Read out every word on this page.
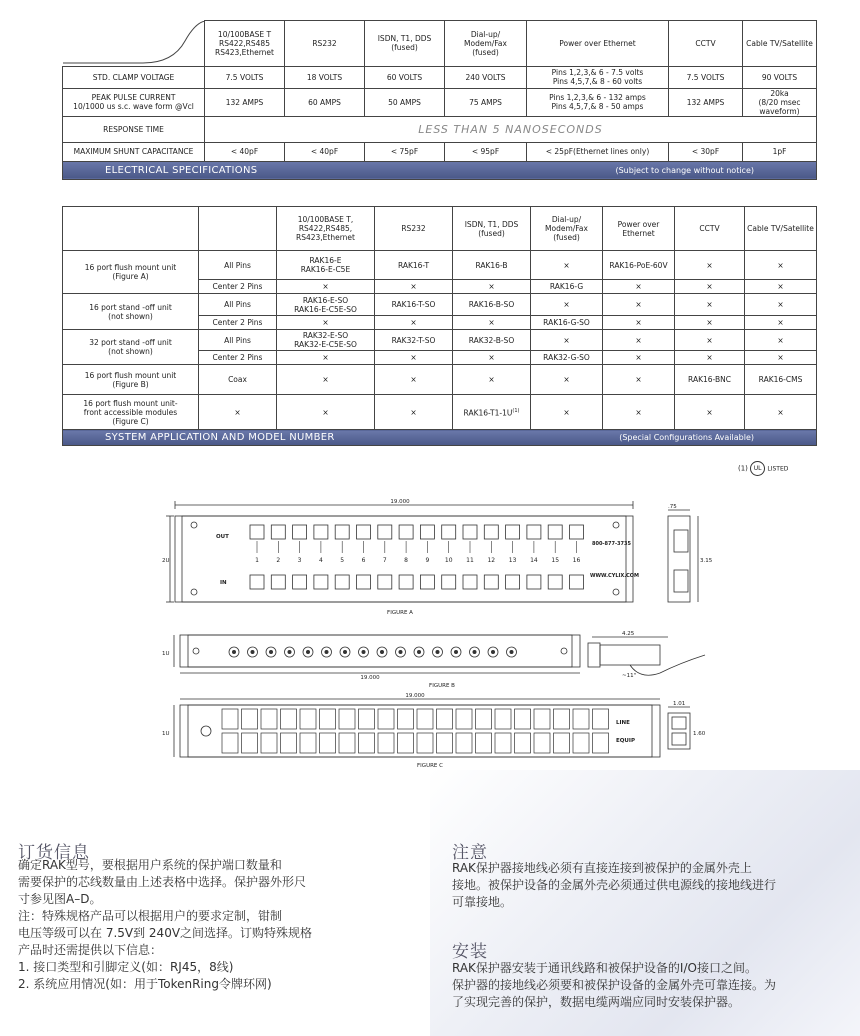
	10/100BASE T
RS422,RS485
RS423,Ethernet	RS232	ISDN, T1, DDS
(fused)	Dial-up/
Modem/Fax
(fused)	Power over Ethernet	CCTV	Cable TV/Satellite
STD. CLAMP VOLTAGE	7.5 VOLTS	18 VOLTS	60 VOLTS	240 VOLTS	Pins 1,2,3,& 6 - 7.5 volts
Pins 4,5,7,& 8 - 60 volts	7.5 VOLTS	90 VOLTS
PEAK PULSE CURRENT
10/1000 us s.c. wave form @Vcl	132 AMPS	60 AMPS	50 AMPS	75 AMPS	Pins 1,2,3,& 6 - 132 amps
Pins 4,5,7,& 8 - 50 amps	132 AMPS	20ka
(8/20 msec waveform)
RESPONSE TIME	LESS THAN 5 NANOSECONDS						
MAXIMUM SHUNT CAPACITANCE	< 40pF	< 40pF	< 75pF	< 95pF	< 25pF(Ethernet lines only)	< 30pF	1pF

ELECTRICAL SPECIFICATIONS (Subject to change without notice)							
		10/100BASE T,
RS422,RS485,
RS423,Ethernet	RS232	ISDN, T1, DDS
(fused)	Dial-up/
Modem/Fax
(fused)	Power over
Ethernet	CCTV	Cable TV/Satellite
16 port flush mount unit
(Figure A)	All Pins	RAK16-E
RAK16-E-C5E	RAK16-T	RAK16-B	×	RAK16-PoE-60V	×	×
	Center 2 Pins	×	×	×	RAK16-G	×	×	×
16 port stand -off unit
(not shown)	All Pins	RAK16-E-SO
RAK16-E-C5E-SO	RAK16-T-SO	RAK16-B-SO	×	×	×	×
	Center 2 Pins	×	×	×	RAK16-G-SO	×	×	×
32 port stand -off unit
(not shown)	All Pins	RAK32-E-SO
RAK32-E-C5E-SO	RAK32-T-SO	RAK32-B-SO	×	×	×	×
	Center 2 Pins	×	×	×	RAK32-G-SO	×	×	×
16 port flush mount unit
(Figure B)	Coax	×	×	×	×	×	RAK16-BNC	RAK16-CMS
16 port flush mount unit-
front accessible modules
(Figure C)	×	×	×	$RAK16-T1-1U^{(1)}$	×	×	×	×

SYSTEM APPLICATION AND MODEL NUMBER (Special Configurations Available)								
(1) UL LISTED
1	2	3	4	5	6	7	8	9	10 11 12 13 14 15 16
19.000
2U
.75
3.15
OUT
IN
800-877-3735
WWW.CYLIX.COM
FIGURE A
19.000
1U
4.25
~11"
FIGURE B
19.000
1U
1.01
1.60
LINE
EQUIP
FIGURE C
订货信息
确定RAK型号，要根据用户系统的保护端口数量和
需要保护的芯线数量由上述表格中选择。保护器外形尺
寸参见图A–D。
注：特殊规格产品可以根据用户的要求定制，钳制
电压等级可以在 7.5V到 240V之间选择。订购特殊规格
产品时还需提供以下信息：
1. 接口类型和引脚定义(如：RJ45，8线)
2. 系统应用情况(如：用于TokenRing令牌环网)
注意
RAK保护器接地线必须有直接连接到被保护的金属外壳上
接地。被保护设备的金属外壳必须通过供电源线的接地线进行
可靠接地。
安装
RAK保护器安装于通讯线路和被保护设备的I/O接口之间。
保护器的接地线必须要和被保护设备的金属外壳可靠连接。为
了实现完善的保护，数据电缆两端应同时安装保护器。
